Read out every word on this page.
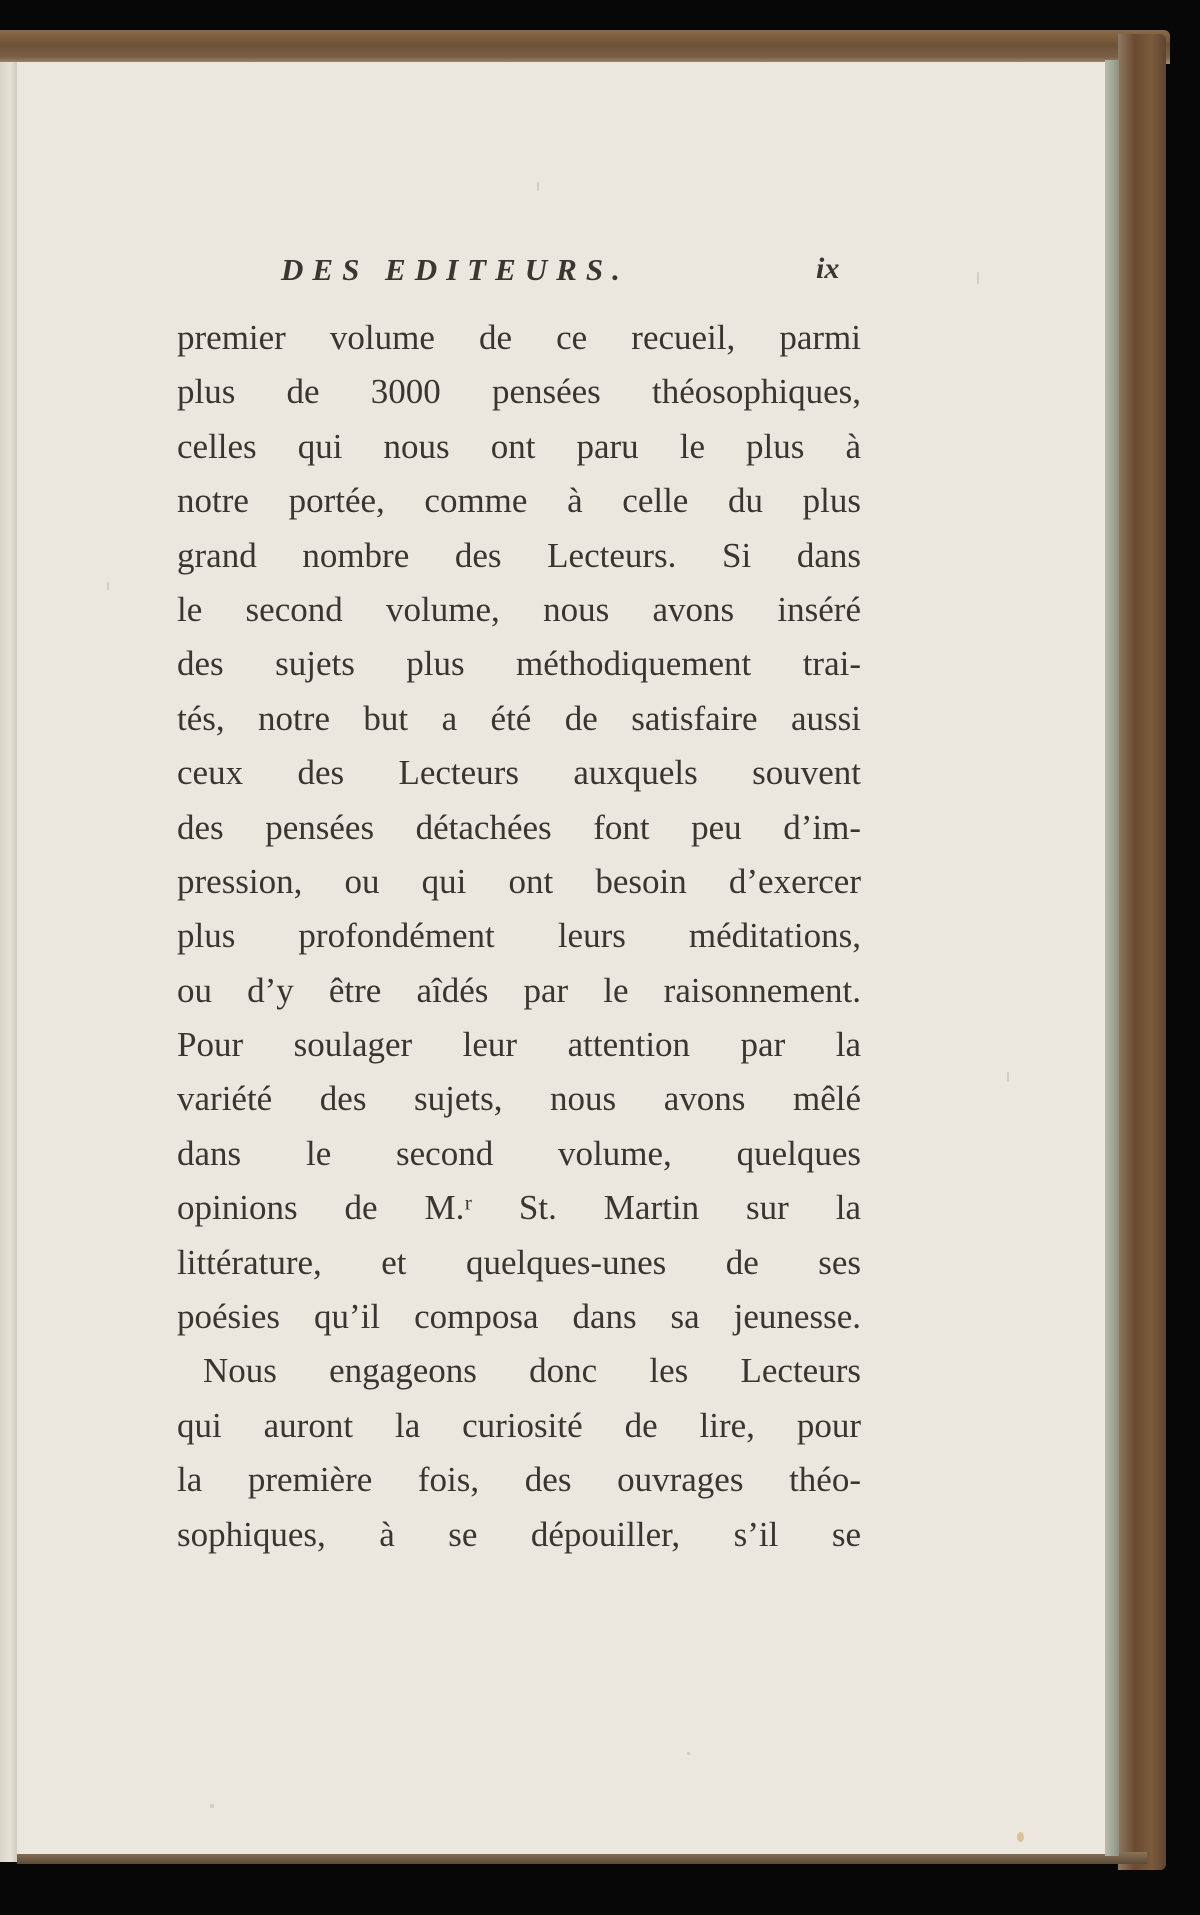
DES EDITEURS.	ix
premier volume de ce recueil, parmi
plus de 3000 pensées théosophiques,
celles qui nous ont paru le plus à
notre portée, comme à celle du plus
grand nombre des Lecteurs. Si dans
le second volume, nous avons inséré
des sujets plus méthodiquement trai-
tés, notre but a été de satisfaire aussi
ceux des Lecteurs auxquels souvent
des pensées détachées font peu d’im-
pression, ou qui ont besoin d’exercer
plus profondément leurs méditations,
ou d’y être aîdés par le raisonnement.
Pour soulager leur attention par la
variété des sujets, nous avons mêlé
dans le second volume, quelques
opinions de M.ʳ St. Martin sur la
littérature, et quelques-unes de ses
poésies qu’il composa dans sa jeunesse.
Nous engageons donc les Lecteurs
qui auront la curiosité de lire, pour
la première fois, des ouvrages théo-
sophiques, à se dépouiller, s’il se
